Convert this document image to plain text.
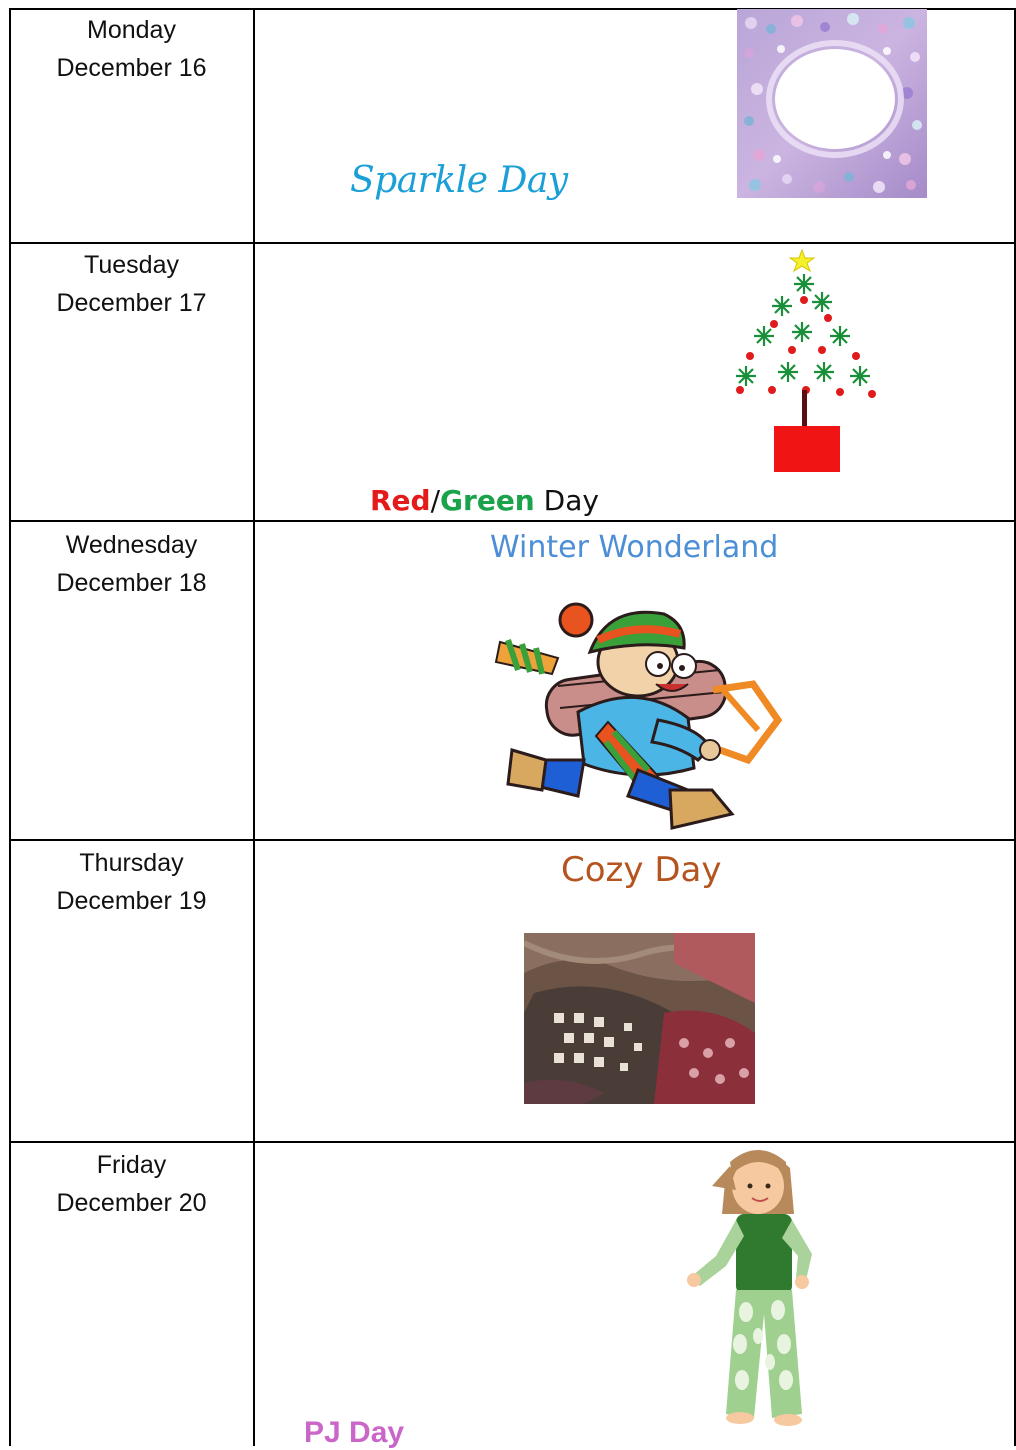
Monday
December 16
Sparkle Day
Tuesday
December 17
Red/Green Day
Wednesday
December 18
Winter Wonderland
Thursday
December 19
Cozy Day
Friday
December 20
PJ Day
